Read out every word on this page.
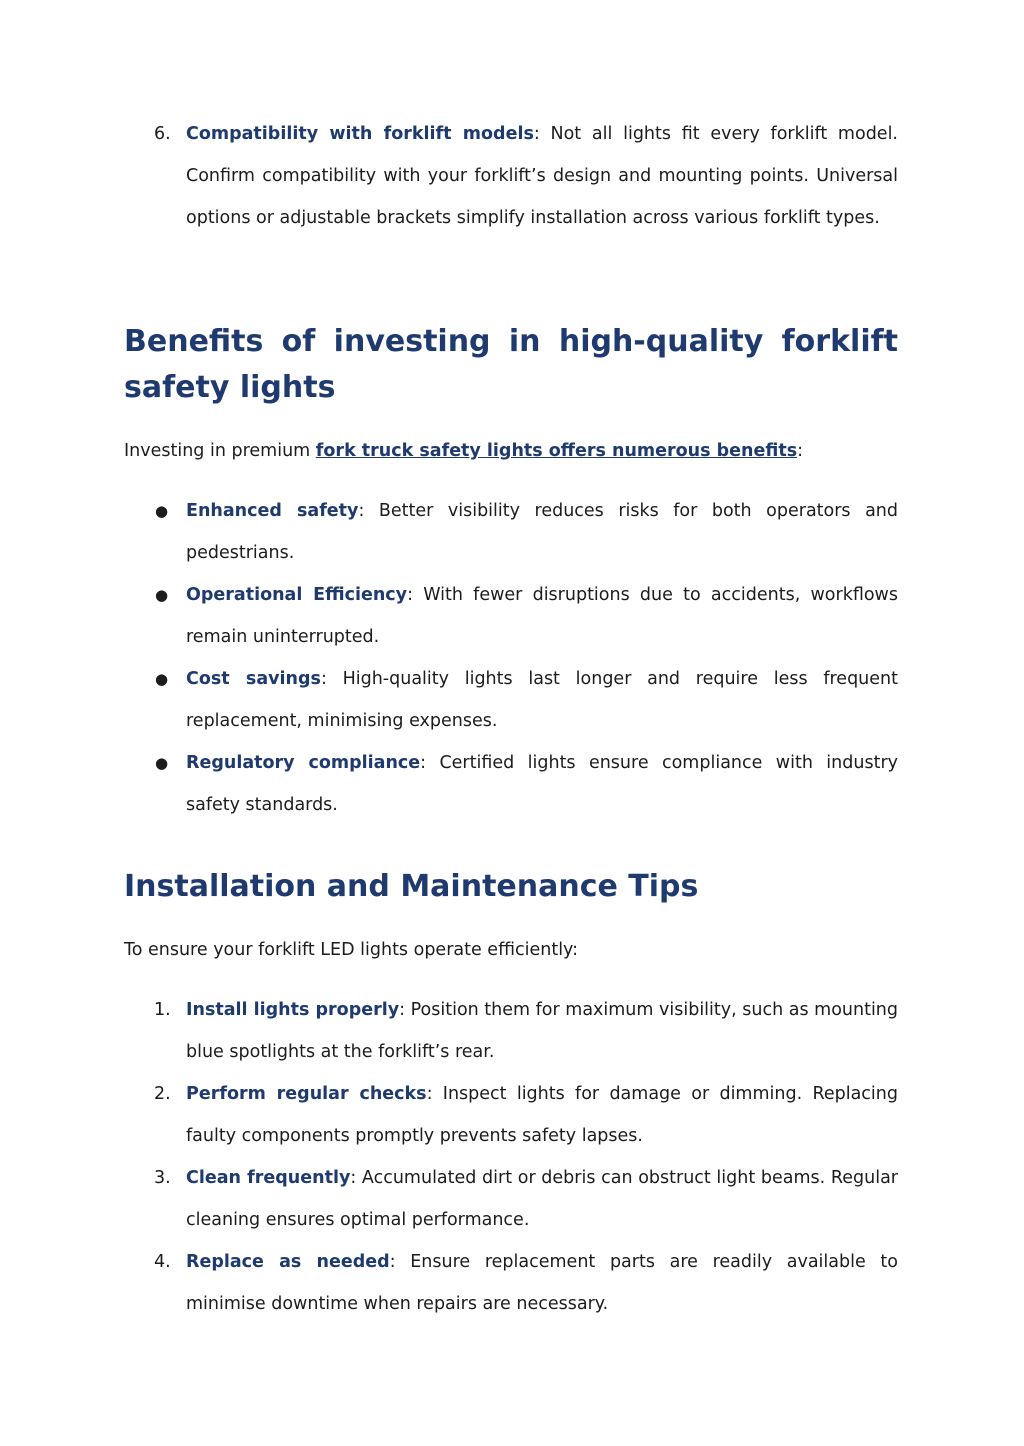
6. Compatibility with forklift models: Not all lights fit every forklift model. Confirm compatibility with your forklift’s design and mounting points. Universal options or adjustable brackets simplify installation across various forklift types.
Benefits of investing in high-quality forklift safety lights

Investing in premium fork truck safety lights offers numerous benefits:

● Enhanced safety: Better visibility reduces risks for both operators and pedestrians.
● Operational Efficiency: With fewer disruptions due to accidents, workflows remain uninterrupted.
● Cost savings: High-quality lights last longer and require less frequent replacement, minimising expenses.
● Regulatory compliance: Certified lights ensure compliance with industry safety standards.
Installation and Maintenance Tips

To ensure your forklift LED lights operate efficiently:

1. Install lights properly: Position them for maximum visibility, such as mounting blue spotlights at the forklift’s rear.
2. Perform regular checks: Inspect lights for damage or dimming. Replacing faulty components promptly prevents safety lapses.
3. Clean frequently: Accumulated dirt or debris can obstruct light beams. Regular cleaning ensures optimal performance.
4. Replace as needed: Ensure replacement parts are readily available to minimise downtime when repairs are necessary.
